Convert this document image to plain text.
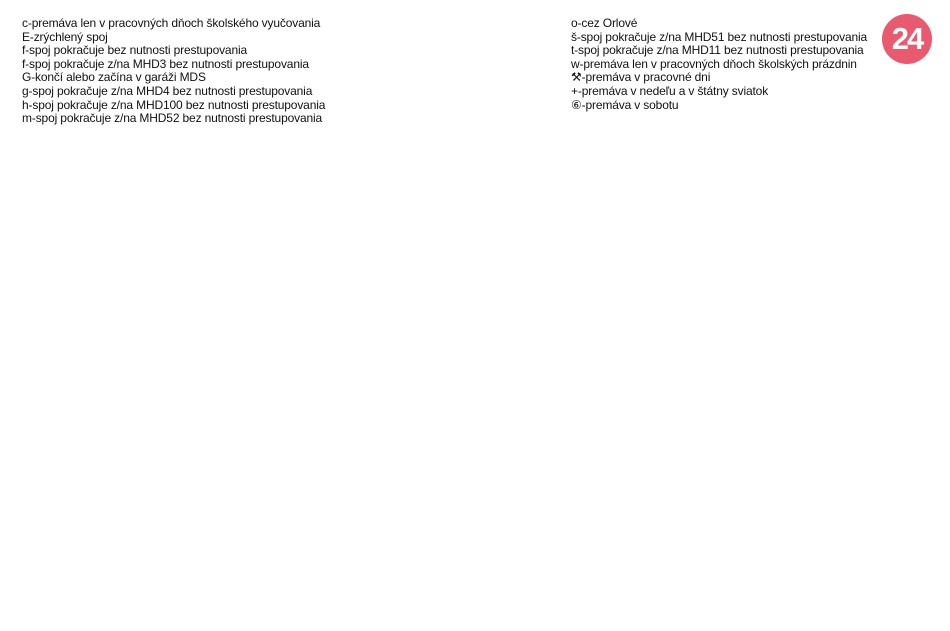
c-premáva len v pracovných dňoch školského vyučovania
E-zrýchlený spoj
f-spoj pokračuje bez nutnosti prestupovania
f-spoj pokračuje z/na MHD3 bez nutnosti prestupovania
G-končí alebo začína v garáži MDS
g-spoj pokračuje z/na MHD4 bez nutnosti prestupovania
h-spoj pokračuje z/na MHD100 bez nutnosti prestupovania
m-spoj pokračuje z/na MHD52 bez nutnosti prestupovania
o-cez Orlové
š-spoj pokračuje z/na MHD51 bez nutnosti prestupovania
t-spoj pokračuje z/na MHD11 bez nutnosti prestupovania
w-premáva len v pracovných dňoch školských prázdnin
⚒-premáva v pracovné dni
+-premáva v nedeľu a v štátny sviatok
⑥-premáva v sobotu
24
